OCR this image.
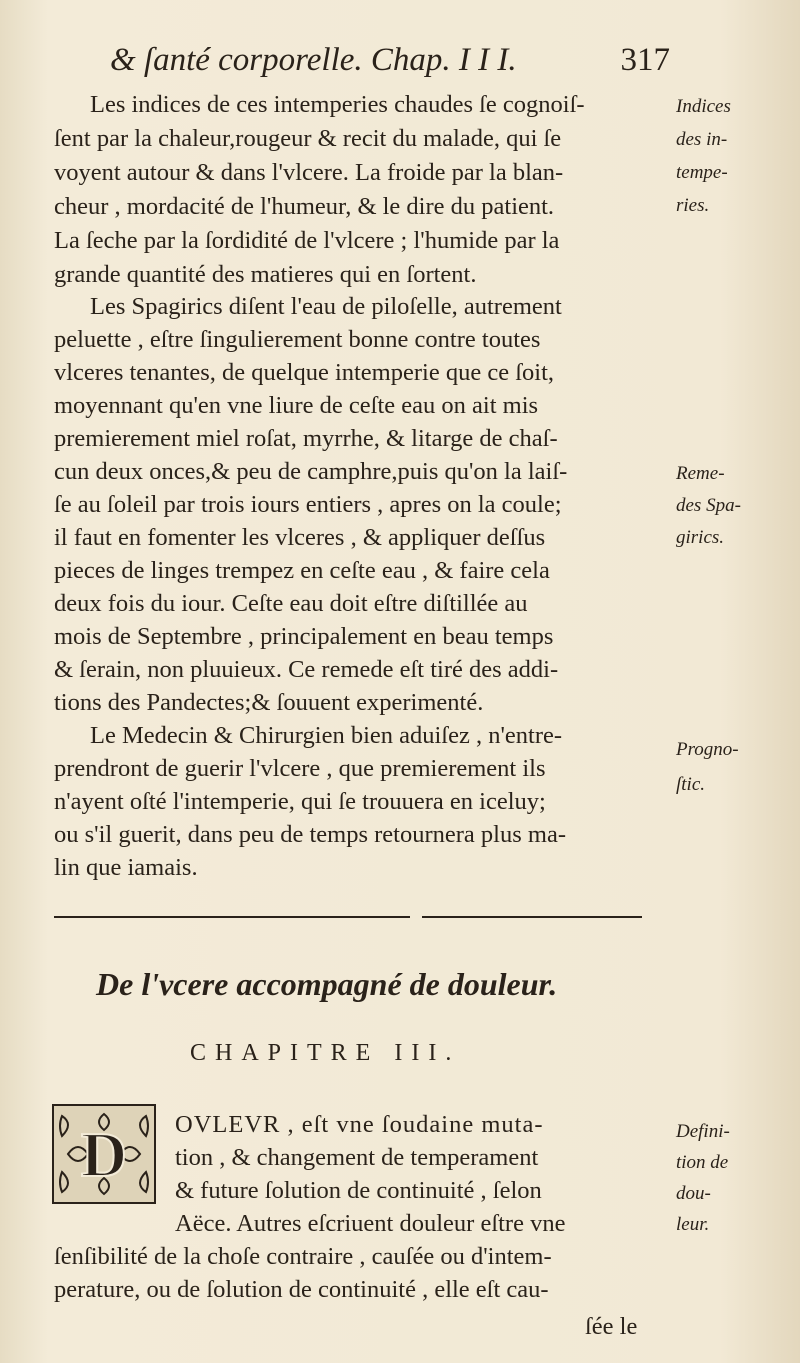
& ſanté corporelle. Chap. I I I.	317
Les indices de ces intemperies chaudes ſe cognoiſ-
ſent par la chaleur,rougeur & recit du malade, qui ſe
voyent autour & dans l'vlcere. La froide par la blan-
cheur , mordacité de l'humeur, & le dire du patient.
La ſeche par la ſordidité de l'vlcere ; l'humide par la
grande quantité des matieres qui en ſortent.
Indices
des in-
tempe-
ries.
Les Spagirics diſent l'eau de piloſelle, autrement
peluette , eſtre ſingulierement bonne contre toutes
vlceres tenantes, de quelque intemperie que ce ſoit,
moyennant qu'en vne liure de ceſte eau on ait mis
premierement miel roſat, myrrhe, & litarge de chaſ-
cun deux onces,& peu de camphre,puis qu'on la laiſ-
ſe au ſoleil par trois iours entiers , apres on la coule;
il faut en fomenter les vlceres , & appliquer deſſus
pieces de linges trempez en ceſte eau , & faire cela
deux fois du iour. Ceſte eau doit eſtre diſtillée au
mois de Septembre , principalement en beau temps
& ſerain, non pluuieux. Ce remede eſt tiré des addi-
tions des Pandectes;& ſouuent experimenté.
Reme-
des Spa-
girics.
Le Medecin & Chirurgien bien aduiſez , n'entre-
prendront de guerir l'vlcere , que premierement ils
n'ayent oſté l'intemperie, qui ſe trouuera en iceluy;
ou s'il guerit, dans peu de temps retournera plus ma-
lin que iamais.
Progno-
ſtic.
De l'vcere accompagné de douleur.
CHAPITRE III.
D OVLEVR , eſt vne ſoudaine muta-
tion , & changement de temperament
& future ſolution de continuité , ſelon
Aëce. Autres eſcriuent douleur eſtre vne
ſenſibilité de la choſe contraire , cauſée ou d'intem-
perature, ou de ſolution de continuité , elle eſt cau-
ſée le
Defini-
tion de
dou-
leur.
